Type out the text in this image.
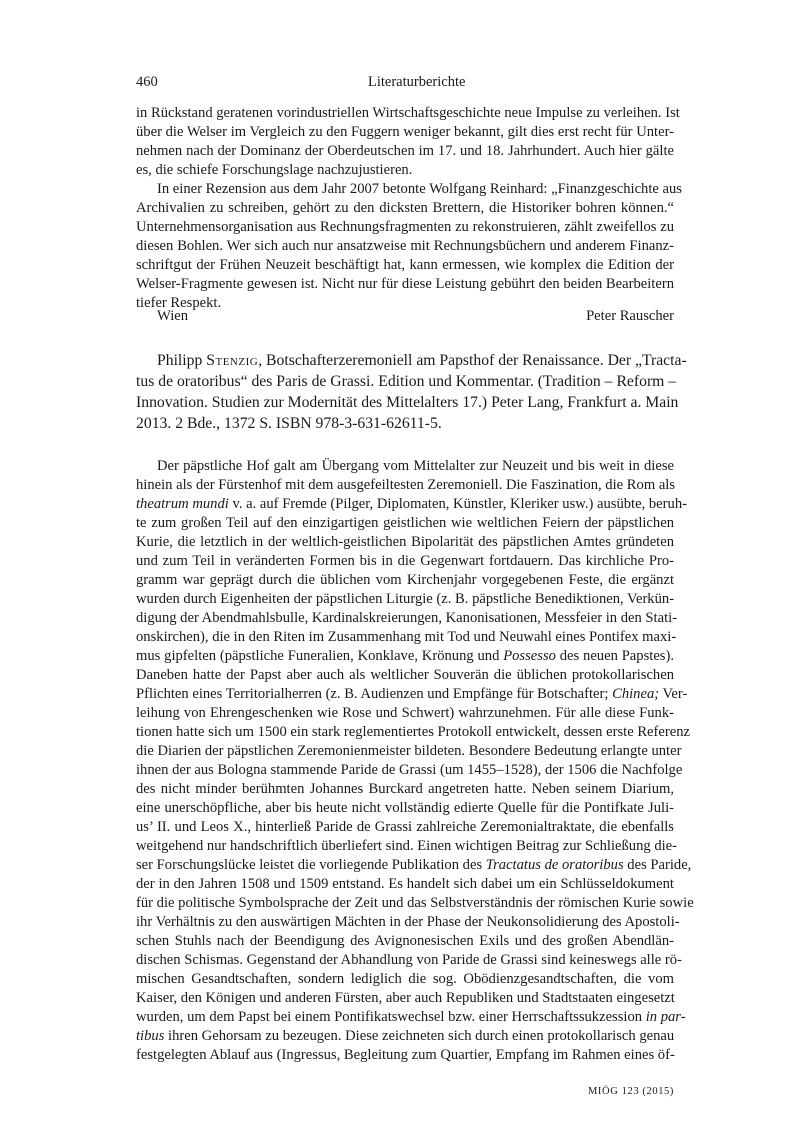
460	Literaturberichte
in Rückstand geratenen vorindustriellen Wirtschaftsgeschichte neue Impulse zu verleihen. Ist
über die Welser im Vergleich zu den Fuggern weniger bekannt, gilt dies erst recht für Unter-
nehmen nach der Dominanz der Oberdeutschen im 17. und 18. Jahrhundert. Auch hier gälte
es, die schiefe Forschungslage nachzujustieren.
In einer Rezension aus dem Jahr 2007 betonte Wolfgang Reinhard: „Finanzgeschichte aus
Archivalien zu schreiben, gehört zu den dicksten Brettern, die Historiker bohren können.“
Unternehmensorganisation aus Rechnungsfragmenten zu rekonstruieren, zählt zweifellos zu
diesen Bohlen. Wer sich auch nur ansatzweise mit Rechnungsbüchern und anderem Finanz-
schriftgut der Frühen Neuzeit beschäftigt hat, kann ermessen, wie komplex die Edition der
Welser-Fragmente gewesen ist. Nicht nur für diese Leistung gebührt den beiden Bearbeitern
tiefer Respekt.
Wien	Peter Rauscher
Philipp Stenzig, Botschafterzeremoniell am Papsthof der Renaissance. Der „Tracta-
tus de oratoribus“ des Paris de Grassi. Edition und Kommentar. (Tradition – Reform –
Innovation. Studien zur Modernität des Mittelalters 17.) Peter Lang, Frankfurt a. Main
2013. 2 Bde., 1372 S. ISBN 978-3-631-62611-5.
Der päpstliche Hof galt am Übergang vom Mittelalter zur Neuzeit und bis weit in diese
hinein als der Fürstenhof mit dem ausgefeiltesten Zeremoniell. Die Faszination, die Rom als
theatrum mundi v. a. auf Fremde (Pilger, Diplomaten, Künstler, Kleriker usw.) ausübte, beruh-
te zum großen Teil auf den einzigartigen geistlichen wie weltlichen Feiern der päpstlichen
Kurie, die letztlich in der weltlich-geistlichen Bipolarität des päpstlichen Amtes gründeten
und zum Teil in veränderten Formen bis in die Gegenwart fortdauern. Das kirchliche Pro-
gramm war geprägt durch die üblichen vom Kirchenjahr vorgegebenen Feste, die ergänzt
wurden durch Eigenheiten der päpstlichen Liturgie (z. B. päpstliche Benediktionen, Verkün-
digung der Abendmahlsbulle, Kardinalskreierungen, Kanonisationen, Messfeier in den Stati-
onskirchen), die in den Riten im Zusammenhang mit Tod und Neuwahl eines Pontifex maxi-
mus gipfelten (päpstliche Funeralien, Konklave, Krönung und Possesso des neuen Papstes).
Daneben hatte der Papst aber auch als weltlicher Souverän die üblichen protokollarischen
Pflichten eines Territorialherren (z. B. Audienzen und Empfänge für Botschafter; Chinea; Ver-
leihung von Ehrengeschenken wie Rose und Schwert) wahrzunehmen. Für alle diese Funk-
tionen hatte sich um 1500 ein stark reglementiertes Protokoll entwickelt, dessen erste Referenz
die Diarien der päpstlichen Zeremonienmeister bildeten. Besondere Bedeutung erlangte unter
ihnen der aus Bologna stammende Paride de Grassi (um 1455–1528), der 1506 die Nachfolge
des nicht minder berühmten Johannes Burckard angetreten hatte. Neben seinem Diarium,
eine unerschöpfliche, aber bis heute nicht vollständig edierte Quelle für die Pontifkate Juli-
us’ II. und Leos X., hinterließ Paride de Grassi zahlreiche Zeremonialtraktate, die ebenfalls
weitgehend nur handschriftlich überliefert sind. Einen wichtigen Beitrag zur Schließung die-
ser Forschungslücke leistet die vorliegende Publikation des Tractatus de oratoribus des Paride,
der in den Jahren 1508 und 1509 entstand. Es handelt sich dabei um ein Schlüsseldokument
für die politische Symbolsprache der Zeit und das Selbstverständnis der römischen Kurie sowie
ihr Verhältnis zu den auswärtigen Mächten in der Phase der Neukonsolidierung des Apostoli-
schen Stuhls nach der Beendigung des Avignonesischen Exils und des großen Abendlän-
dischen Schismas. Gegenstand der Abhandlung von Paride de Grassi sind keineswegs alle rö-
mischen Gesandtschaften, sondern lediglich die sog. Obödienzgesandtschaften, die vom
Kaiser, den Königen und anderen Fürsten, aber auch Republiken und Stadtstaaten eingesetzt
wurden, um dem Papst bei einem Pontifikatswechsel bzw. einer Herrschaftssukzession in par-
tibus ihren Gehorsam zu bezeugen. Diese zeichneten sich durch einen protokollarisch genau
festgelegten Ablauf aus (Ingressus, Begleitung zum Quartier, Empfang im Rahmen eines öf-
MIÖG 123 (2015)
